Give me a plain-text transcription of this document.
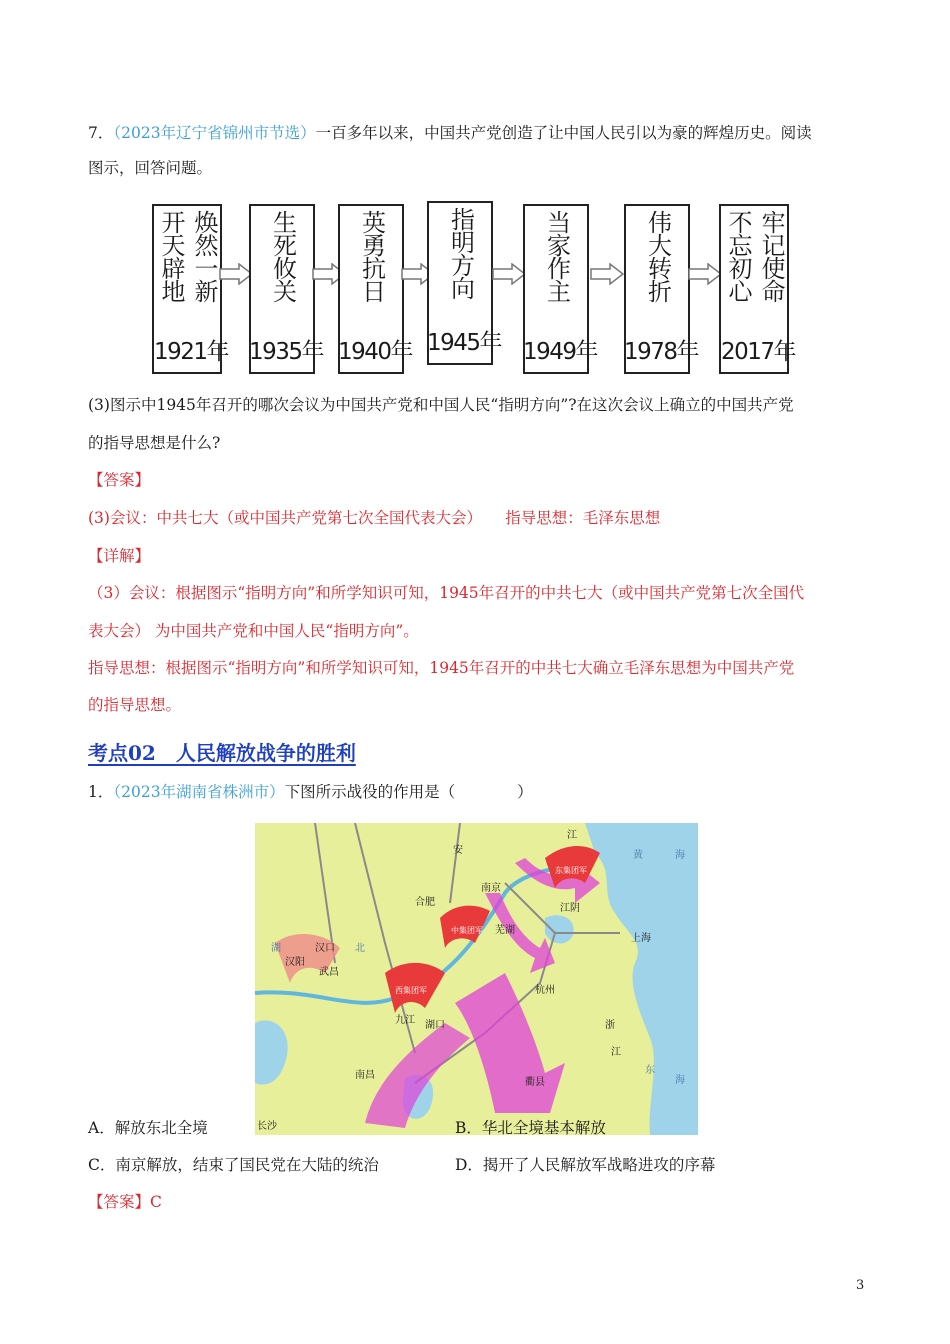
7．（2023年辽宁省锦州市节选）一百多年以来，中国共产党创造了让中国人民引以为豪的辉煌历史。阅读
图示，回答问题。
开天辟地 焕然一新
1921年
生死攸关
1935年
英勇抗日
1940年
指明方向
1945年
当家作主
1949年
伟大转折
1978年
不忘初心 牢记使命
2017年
(3)图示中1945年召开的哪次会议为中国共产党和中国人民“指明方向”?在这次会议上确立的中国共产党
的指导思想是什么?
【答案】
(3)会议：中共七大（或中国共产党第七次全国代表大会）　　指导思想：毛泽东思想
【详解】
（3）会议：根据图示“指明方向”和所学知识可知，1945年召开的中共七大（或中国共产党第七次全国代
表大会） 为中国共产党和中国人民“指明方向”。
指导思想：根据图示“指明方向”和所学知识可知，1945年召开的中共七大确立毛泽东思想为中国共产党
的指导思想。
考点02　人民解放战争的胜利
1．（2023年湖南省株洲市）下图所示战役的作用是（　　　　）
安
江
东集团军
黄	海
南京
江阴
合肥
中集团军 芜湖
上海
湖	北
汉口
汉阳
武昌
西集团军	杭州
九江 湖口	浙
江
南昌
衢县
东
海
长沙
A．解放东北全境	B．华北全境基本解放
C．南京解放，结束了国民党在大陆的统治	D．揭开了人民解放军战略进攻的序幕
【答案】C
3
